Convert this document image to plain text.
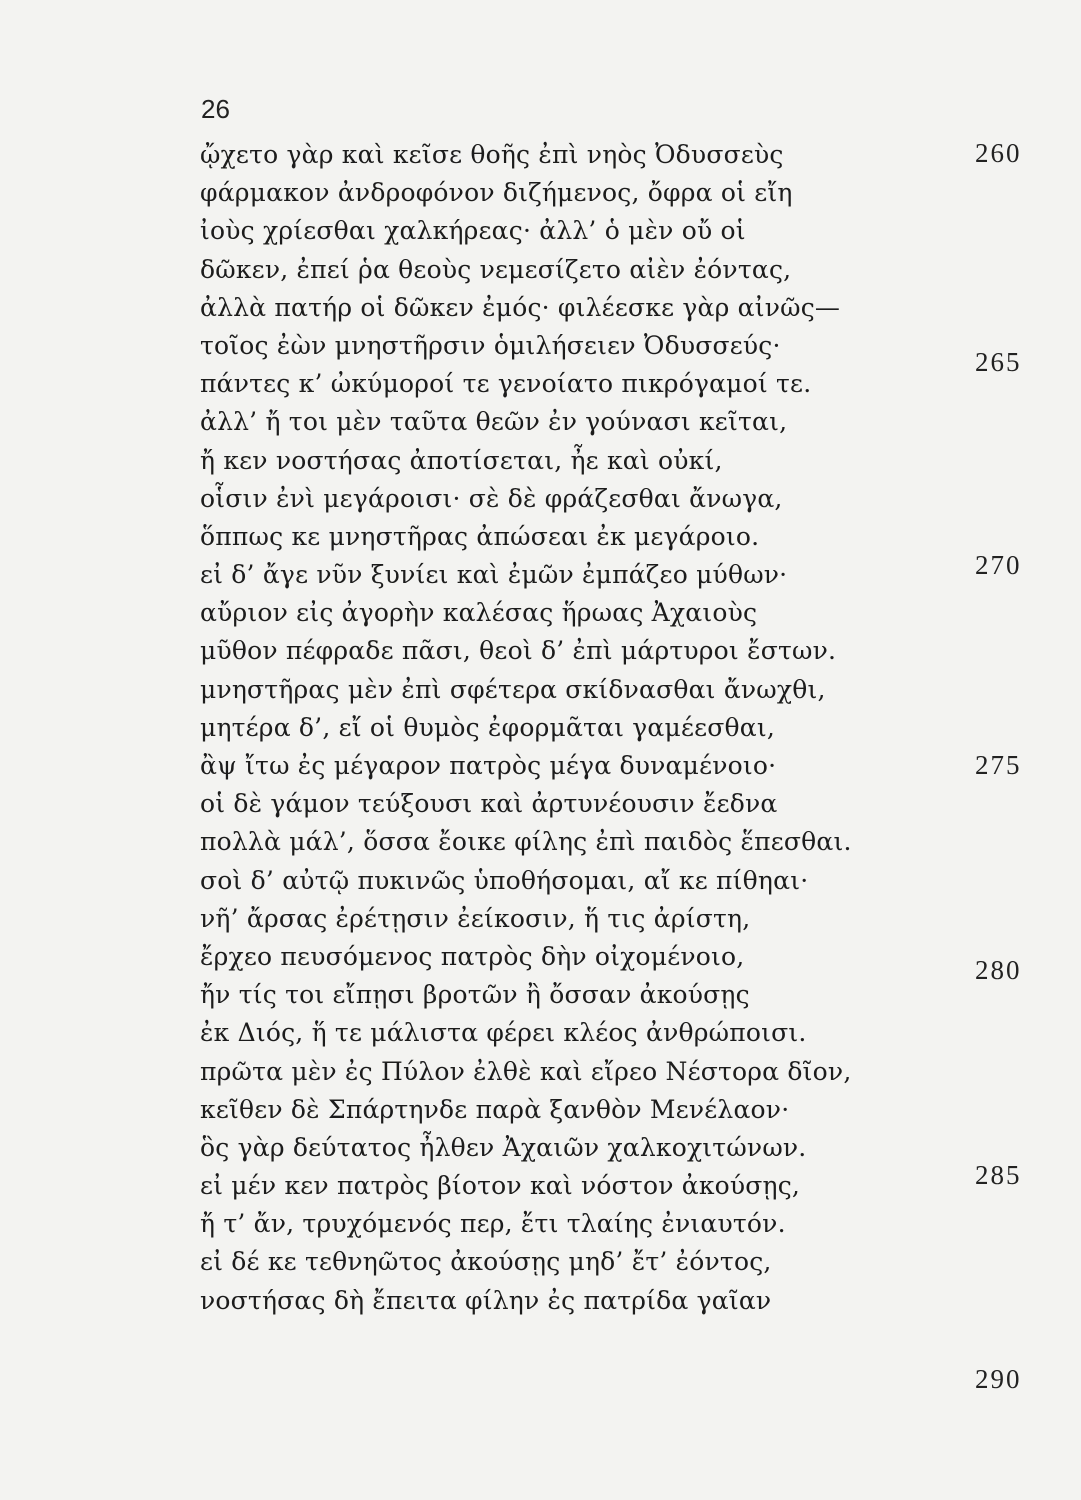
26
ᾤχετο γὰρ καὶ κεῖσε θοῆς ἐπὶ νηὸς Ὀδυσσεὺς
φάρμακον ἀνδροφόνον διζήμενος, ὄφρα οἱ εἴη
ἰοὺς χρίεσθαι χαλκήρεας· ἀλλ’ ὁ μὲν οὔ οἱ
δῶκεν, ἐπεί ῥα θεοὺς νεμεσίζετο αἰὲν ἐόντας,
ἀλλὰ πατήρ οἱ δῶκεν ἐμός· φιλέεσκε γὰρ αἰνῶς—
τοῖος ἐὼν μνηστῆρσιν ὁμιλήσειεν Ὀδυσσεύς·
πάντες κ’ ὠκύμοροί τε γενοίατο πικρόγαμοί τε.
ἀλλ’ ἤ τοι μὲν ταῦτα θεῶν ἐν γούνασι κεῖται,
ἤ κεν νοστήσας ἀποτίσεται, ἦε καὶ οὐκί,
οἷσιν ἐνὶ μεγάροισι· σὲ δὲ φράζεσθαι ἄνωγα,
ὅππως κε μνηστῆρας ἀπώσεαι ἐκ μεγάροιο.
εἰ δ’ ἄγε νῦν ξυνίει καὶ ἐμῶν ἐμπάζεο μύθων·
αὔριον εἰς ἀγορὴν καλέσας ἥρωας Ἀχαιοὺς
μῦθον πέφραδε πᾶσι, θεοὶ δ’ ἐπὶ μάρτυροι ἔστων.
μνηστῆρας μὲν ἐπὶ σφέτερα σκίδνασθαι ἄνωχθι,
μητέρα δ’, εἴ οἱ θυμὸς ἐφορμᾶται γαμέεσθαι,
ἂψ ἴτω ἐς μέγαρον πατρὸς μέγα δυναμένοιο·
οἱ δὲ γάμον τεύξουσι καὶ ἀρτυνέουσιν ἔεδνα
πολλὰ μάλ’, ὅσσα ἔοικε φίλης ἐπὶ παιδὸς ἕπεσθαι.
σοὶ δ’ αὐτῷ πυκινῶς ὑποθήσομαι, αἴ κε πίθηαι·
νῆ’ ἄρσας ἐρέτῃσιν ἐείκοσιν, ἥ τις ἀρίστη,
ἔρχεο πευσόμενος πατρὸς δὴν οἰχομένοιο,
ἤν τίς τοι εἴπῃσι βροτῶν ἢ ὄσσαν ἀκούσῃς
ἐκ Διός, ἥ τε μάλιστα φέρει κλέος ἀνθρώποισι.
πρῶτα μὲν ἐς Πύλον ἐλθὲ καὶ εἴρεο Νέστορα δῖον,
κεῖθεν δὲ Σπάρτηνδε παρὰ ξανθὸν Μενέλαον·
ὃς γὰρ δεύτατος ἦλθεν Ἀχαιῶν χαλκοχιτώνων.
εἰ μέν κεν πατρὸς βίοτον καὶ νόστον ἀκούσῃς,
ἤ τ’ ἄν, τρυχόμενός περ, ἔτι τλαίης ἐνιαυτόν.
εἰ δέ κε τεθνηῶτος ἀκούσῃς μηδ’ ἔτ’ ἐόντος,
νοστήσας δὴ ἔπειτα φίλην ἐς πατρίδα γαῖαν
260
265
270
275
280
285
290
